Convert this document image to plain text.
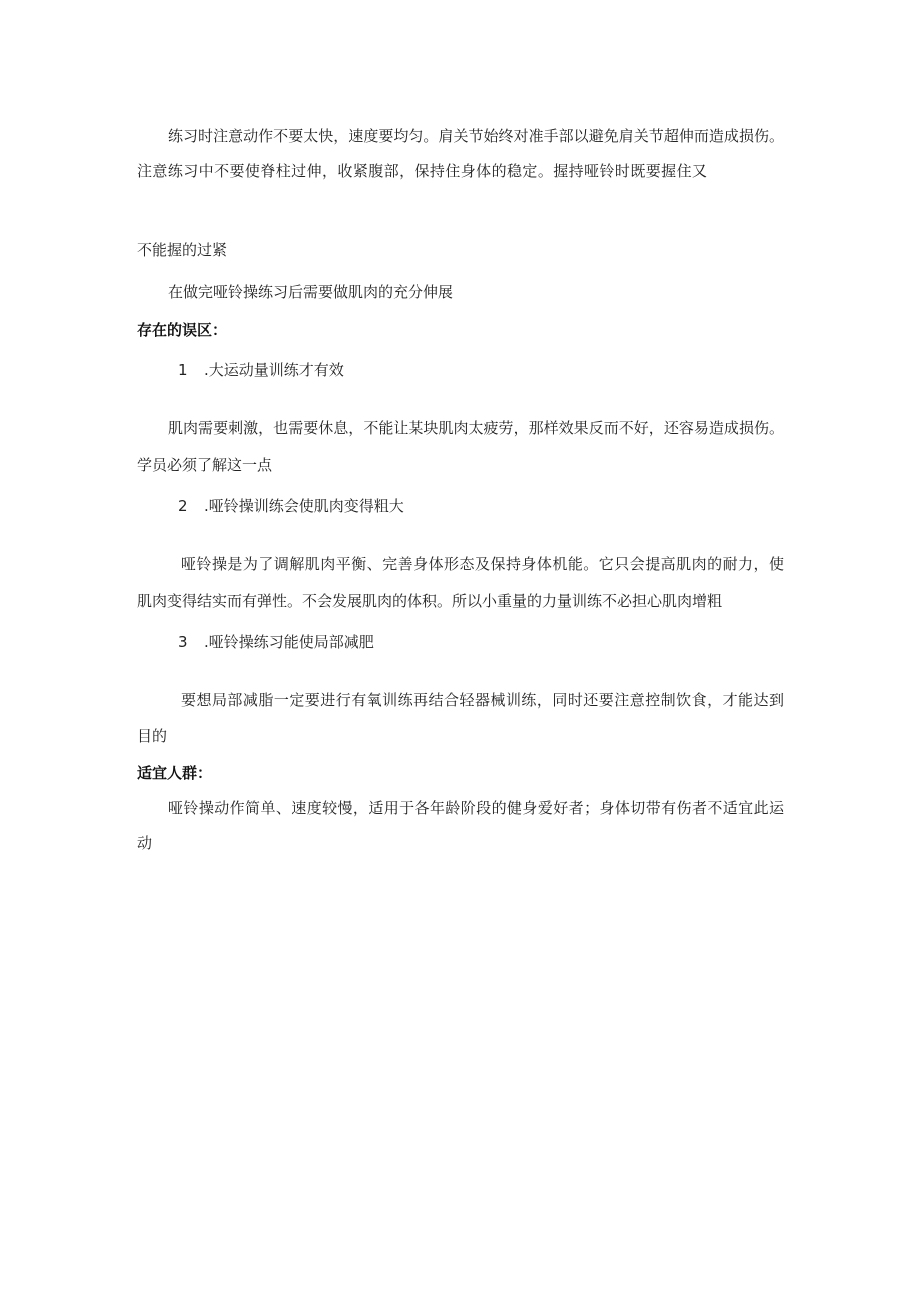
练习时注意动作不要太快，速度要均匀。肩关节始终对准手部以避免肩关节超伸而造成损伤。
注意练习中不要使脊柱过伸，收紧腹部，保持住身体的稳定。握持哑铃时既要握住又
不能握的过紧
在做完哑铃操练习后需要做肌肉的充分伸展
存在的误区：
1 .大运动量训练才有效
肌肉需要刺激，也需要休息，不能让某块肌肉太疲劳，那样效果反而不好，还容易造成损伤。
学员必须了解这一点
2 .哑铃操训练会使肌肉变得粗大
哑铃操是为了调解肌肉平衡、完善身体形态及保持身体机能。它只会提高肌肉的耐力，使
肌肉变得结实而有弹性。不会发展肌肉的体积。所以小重量的力量训练不必担心肌肉增粗
3 .哑铃操练习能使局部减肥
要想局部减脂一定要进行有氧训练再结合轻器械训练，同时还要注意控制饮食，才能达到
目的
适宜人群：
哑铃操动作简单、速度较慢，适用于各年龄阶段的健身爱好者；身体切带有伤者不适宜此运
动
